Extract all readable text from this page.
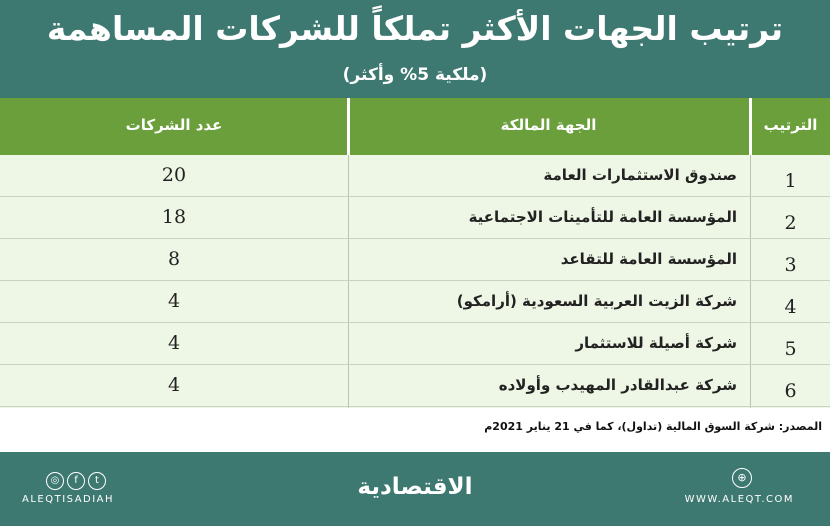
ترتيب الجهات الأكثر تملكاً للشركات المساهمة
(ملكية 5% وأكثر)
الترتيب
الجهة المالكة
عدد الشركات
1
صندوق الاستثمارات العامة
20
2
المؤسسة العامة للتأمينات الاجتماعية
18
3
المؤسسة العامة للتقاعد
8
4
شركة الزيت العربية السعودية (أرامكو)
4
5
شركة أصيلة للاستثمار
4
6
شركة عبدالقادر المهيدب وأولاده
4
المصدر: شركة السوق المالية (تداول)، كما في 21 يناير 2021م
⊕
WWW.ALEQT.COM
الاقتصادية
◎ f t
ALEQTISADIAH
